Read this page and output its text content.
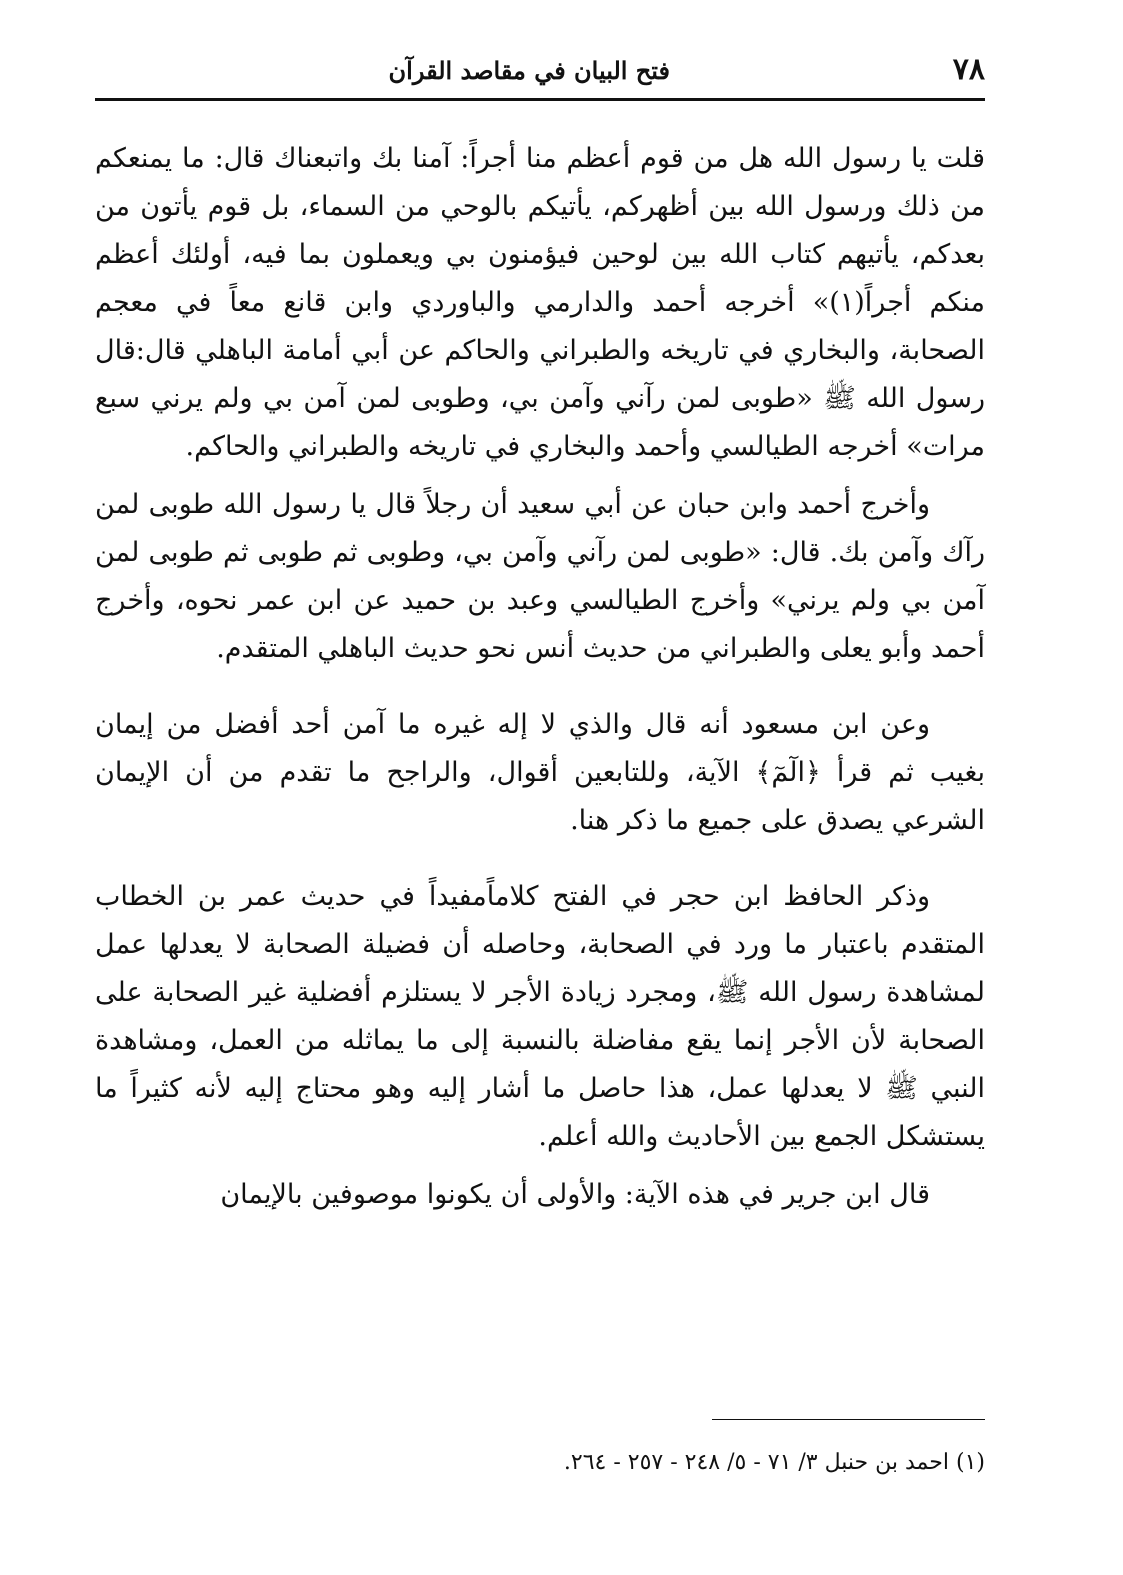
٧٨
فتح البيان في مقاصد القرآن

قلت يا رسول الله هل من قوم أعظم منا أجراً: آمنا بك واتبعناك قال: ما يمنعكم من ذلك ورسول الله بين أظهركم، يأتيكم بالوحي من السماء، بل قوم يأتون من بعدكم، يأتيهم كتاب الله بين لوحين فيؤمنون بي ويعملون بما فيه، أولئك أعظم منكم أجراً(١)» أخرجه أحمد والدارمي والباوردي وابن قانع معاً في معجم الصحابة، والبخاري في تاريخه والطبراني والحاكم عن أبي أمامة الباهلي قال:قال رسول الله ﷺ «طوبى لمن رآني وآمن بي، وطوبى لمن آمن بي ولم يرني سبع مرات» أخرجه الطيالسي وأحمد والبخاري في تاريخه والطبراني والحاكم.

وأخرج أحمد وابن حبان عن أبي سعيد أن رجلاً قال يا رسول الله طوبى لمن رآك وآمن بك. قال: «طوبى لمن رآني وآمن بي، وطوبى ثم طوبى ثم طوبى لمن آمن بي ولم يرني» وأخرج الطيالسي وعبد بن حميد عن ابن عمر نحوه، وأخرج أحمد وأبو يعلى والطبراني من حديث أنس نحو حديث الباهلي المتقدم.

وعن ابن مسعود أنه قال والذي لا إله غيره ما آمن أحد أفضل من إيمان بغيب ثم قرأ ﴿الٓمٓ﴾ الآية، وللتابعين أقوال، والراجح ما تقدم من أن الإيمان الشرعي يصدق على جميع ما ذكر هنا.

وذكر الحافظ ابن حجر في الفتح كلاماًمفيداً في حديث عمر بن الخطاب المتقدم باعتبار ما ورد في الصحابة، وحاصله أن فضيلة الصحابة لا يعدلها عمل لمشاهدة رسول الله ﷺ، ومجرد زيادة الأجر لا يستلزم أفضلية غير الصحابة على الصحابة لأن الأجر إنما يقع مفاضلة بالنسبة إلى ما يماثله من العمل، ومشاهدة النبي ﷺ لا يعدلها عمل، هذا حاصل ما أشار إليه وهو محتاج إليه لأنه كثيراً ما يستشكل الجمع بين الأحاديث والله أعلم.

قال ابن جرير في هذه الآية: والأولى أن يكونوا موصوفين بالإيمان

(١) احمد بن حنبل ٣/ ٧١ - ٥/ ٢٤٨ - ٢٥٧ - ٢٦٤.
